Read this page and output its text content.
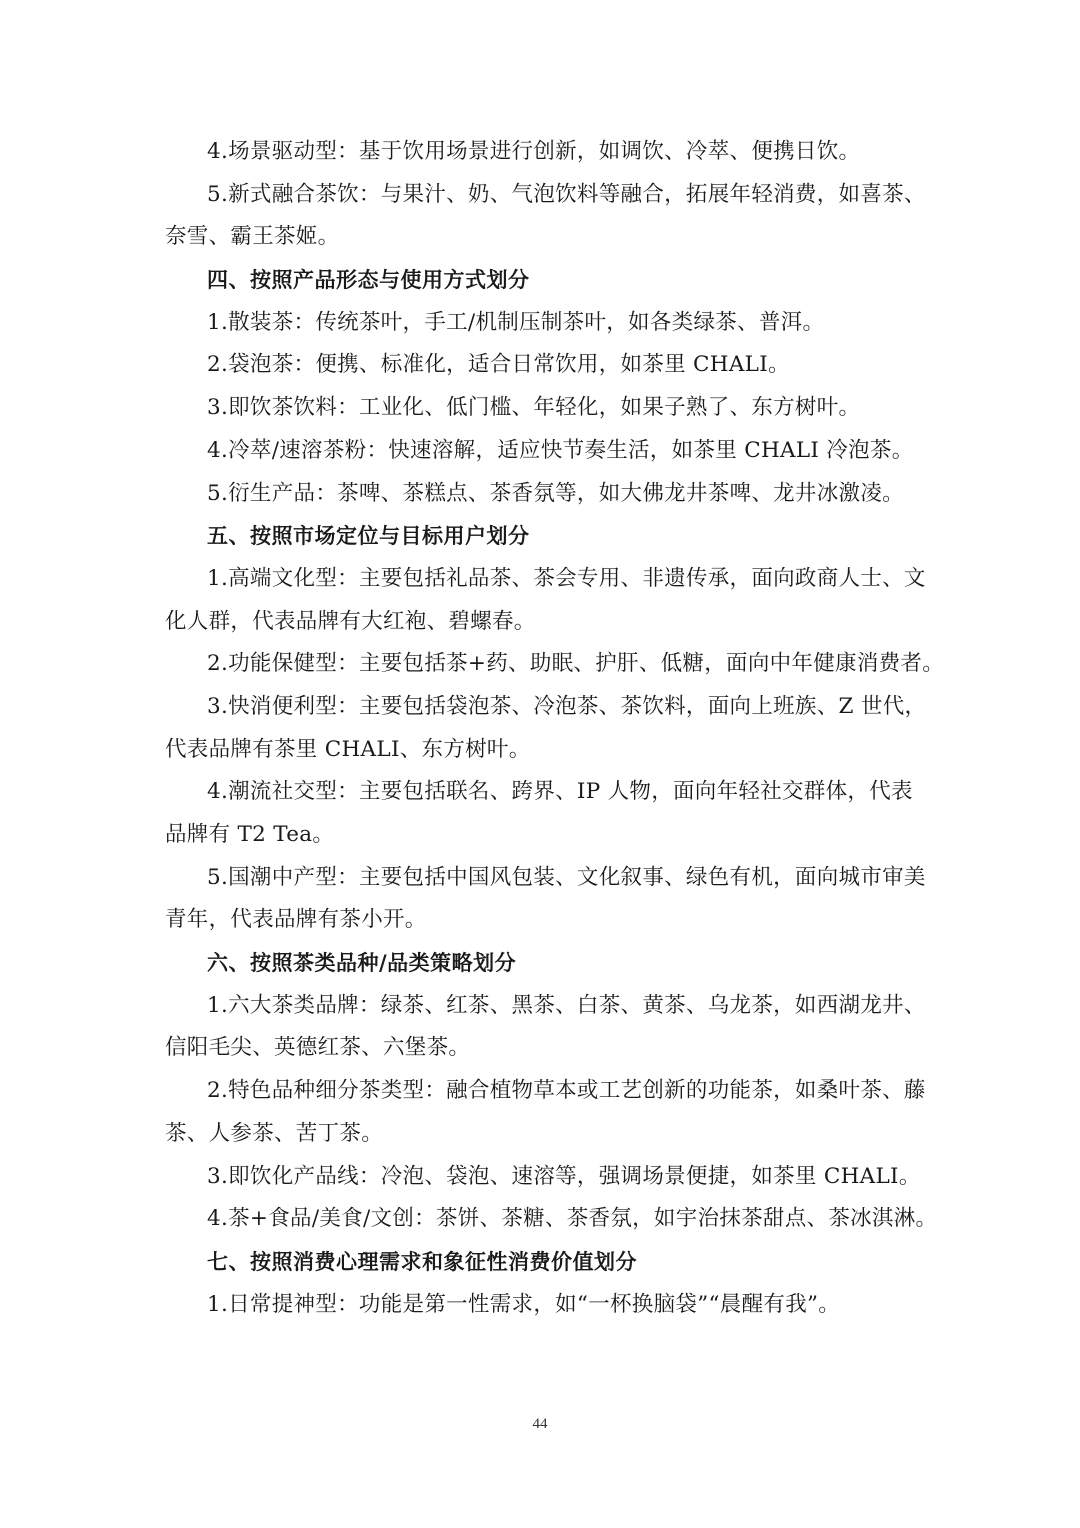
4.场景驱动型：基于饮用场景进行创新，如调饮、冷萃、便携日饮。
5.新式融合茶饮：与果汁、奶、气泡饮料等融合，拓展年轻消费，如喜茶、
奈雪、霸王茶姬。
四、按照产品形态与使用方式划分
1.散装茶：传统茶叶，手工/机制压制茶叶，如各类绿茶、普洱。
2.袋泡茶：便携、标准化，适合日常饮用，如茶里 CHALI。
3.即饮茶饮料：工业化、低门槛、年轻化，如果子熟了、东方树叶。
4.冷萃/速溶茶粉：快速溶解，适应快节奏生活，如茶里 CHALI 冷泡茶。
5.衍生产品：茶啤、茶糕点、茶香氛等，如大佛龙井茶啤、龙井冰激凌。
五、按照市场定位与目标用户划分
1.高端文化型：主要包括礼品茶、茶会专用、非遗传承，面向政商人士、文
化人群，代表品牌有大红袍、碧螺春。
2.功能保健型：主要包括茶+药、助眠、护肝、低糖，面向中年健康消费者。
3.快消便利型：主要包括袋泡茶、冷泡茶、茶饮料，面向上班族、Z 世代，
代表品牌有茶里 CHALI、东方树叶。
4.潮流社交型：主要包括联名、跨界、IP 人物，面向年轻社交群体，代表
品牌有 T2 Tea。
5.国潮中产型：主要包括中国风包装、文化叙事、绿色有机，面向城市审美
青年，代表品牌有茶小开。
六、按照茶类品种/品类策略划分
1.六大茶类品牌：绿茶、红茶、黑茶、白茶、黄茶、乌龙茶，如西湖龙井、
信阳毛尖、英德红茶、六堡茶。
2.特色品种细分茶类型：融合植物草本或工艺创新的功能茶，如桑叶茶、藤
茶、人参茶、苦丁茶。
3.即饮化产品线：冷泡、袋泡、速溶等，强调场景便捷，如茶里 CHALI。
4.茶+食品/美食/文创：茶饼、茶糖、茶香氛，如宇治抹茶甜点、茶冰淇淋。
七、按照消费心理需求和象征性消费价值划分
1.日常提神型：功能是第一性需求，如“一杯换脑袋”“晨醒有我”。
44
